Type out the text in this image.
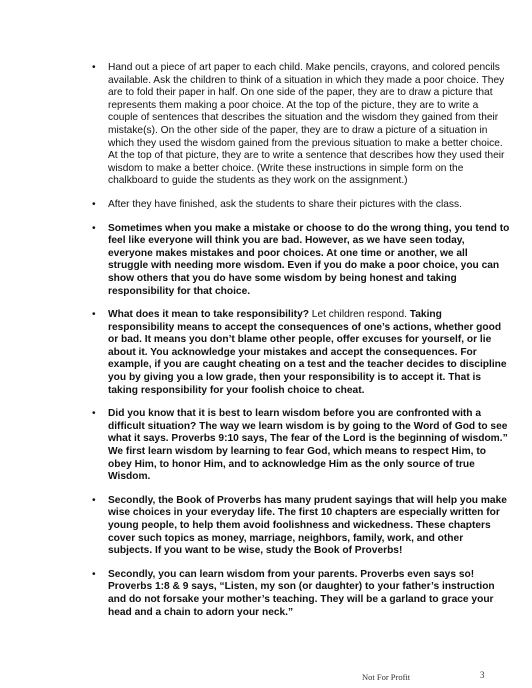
• Hand out a piece of art paper to each child. Make pencils, crayons, and colored pencils available. Ask the children to think of a situation in which they made a poor choice. They are to fold their paper in half. On one side of the paper, they are to draw a picture that represents them making a poor choice. At the top of the picture, they are to write a couple of sentences that describes the situation and the wisdom they gained from their mistake(s). On the other side of the paper, they are to draw a picture of a situation in which they used the wisdom gained from the previous situation to make a better choice. At the top of that picture, they are to write a sentence that describes how they used their wisdom to make a better choice. (Write these instructions in simple form on the chalkboard to guide the students as they work on the assignment.)
• After they have finished, ask the students to share their pictures with the class.
• Sometimes when you make a mistake or choose to do the wrong thing, you tend to feel like everyone will think you are bad. However, as we have seen today, everyone makes mistakes and poor choices. At one time or another, we all struggle with needing more wisdom. Even if you do make a poor choice, you can show others that you do have some wisdom by being honest and taking responsibility for that choice.
• What does it mean to take responsibility? Let children respond. Taking responsibility means to accept the consequences of one’s actions, whether good or bad. It means you don’t blame other people, offer excuses for yourself, or lie about it. You acknowledge your mistakes and accept the consequences. For example, if you are caught cheating on a test and the teacher decides to discipline you by giving you a low grade, then your responsibility is to accept it. That is taking responsibility for your foolish choice to cheat.
• Did you know that it is best to learn wisdom before you are confronted with a difficult situation? The way we learn wisdom is by going to the Word of God to see what it says. Proverbs 9:10 says, The fear of the Lord is the beginning of wisdom.” We first learn wisdom by learning to fear God, which means to respect Him, to obey Him, to honor Him, and to acknowledge Him as the only source of true Wisdom.
• Secondly, the Book of Proverbs has many prudent sayings that will help you make wise choices in your everyday life. The first 10 chapters are especially written for young people, to help them avoid foolishness and wickedness. These chapters cover such topics as money, marriage, neighbors, family, work, and other subjects. If you want to be wise, study the Book of Proverbs!
• Secondly, you can learn wisdom from your parents. Proverbs even says so! Proverbs 1:8 & 9 says, “Listen, my son (or daughter) to your father’s instruction and do not forsake your mother’s teaching. They will be a garland to grace your head and a chain to adorn your neck.”
Not For Profit	3
